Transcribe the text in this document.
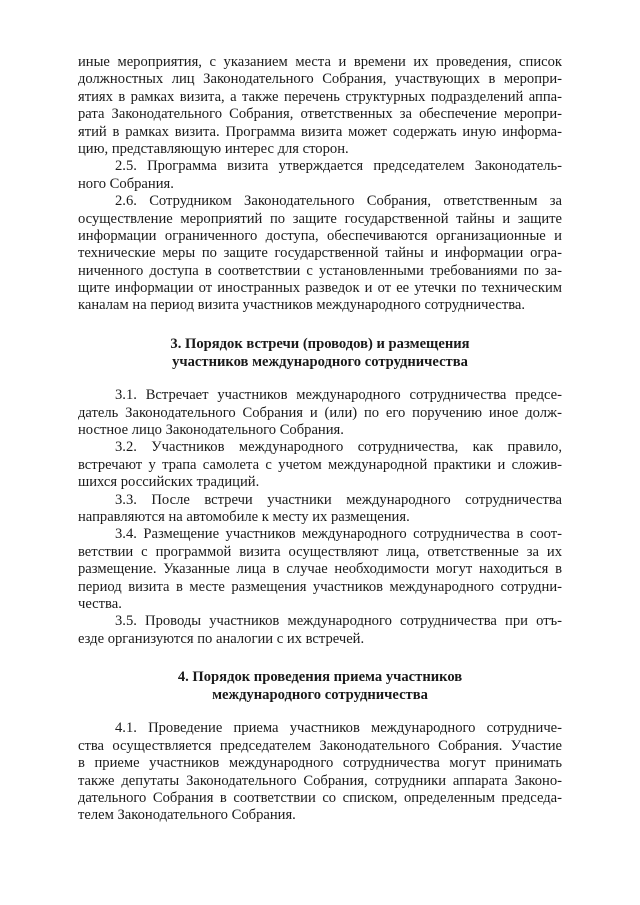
иные мероприятия, с указанием места и времени их проведения, список
должностных лиц Законодательного Собрания, участвующих в меропри-
ятиях в рамках визита, а также перечень структурных подразделений аппа-
рата Законодательного Собрания, ответственных за обеспечение меропри-
ятий в рамках визита. Программа визита может содержать иную информа-
цию, представляющую интерес для сторон.
2.5. Программа визита утверждается председателем Законодатель-
ного Собрания.
2.6. Сотрудником Законодательного Собрания, ответственным за
осуществление мероприятий по защите государственной тайны и защите
информации ограниченного доступа, обеспечиваются организационные и
технические меры по защите государственной тайны и информации огра-
ниченного доступа в соответствии с установленными требованиями по за-
щите информации от иностранных разведок и от ее утечки по техническим
каналам на период визита участников международного сотрудничества.
3. Порядок встречи (проводов) и размещения
участников международного сотрудничества
3.1. Встречает участников международного сотрудничества предсе-
датель Законодательного Собрания и (или) по его поручению иное долж-
ностное лицо Законодательного Собрания.
3.2. Участников международного сотрудничества, как правило,
встречают у трапа самолета с учетом международной практики и сложив-
шихся российских традиций.
3.3. После встречи участники международного сотрудничества
направляются на автомобиле к месту их размещения.
3.4. Размещение участников международного сотрудничества в соот-
ветствии с программой визита осуществляют лица, ответственные за их
размещение. Указанные лица в случае необходимости могут находиться в
период визита в месте размещения участников международного сотрудни-
чества.
3.5. Проводы участников международного сотрудничества при отъ-
езде организуются по аналогии с их встречей.
4. Порядок проведения приема участников
международного сотрудничества
4.1. Проведение приема участников международного сотрудниче-
ства осуществляется председателем Законодательного Собрания. Участие
в приеме участников международного сотрудничества могут принимать
также депутаты Законодательного Собрания, сотрудники аппарата Законо-
дательного Собрания в соответствии со списком, определенным председа-
телем Законодательного Собрания.
